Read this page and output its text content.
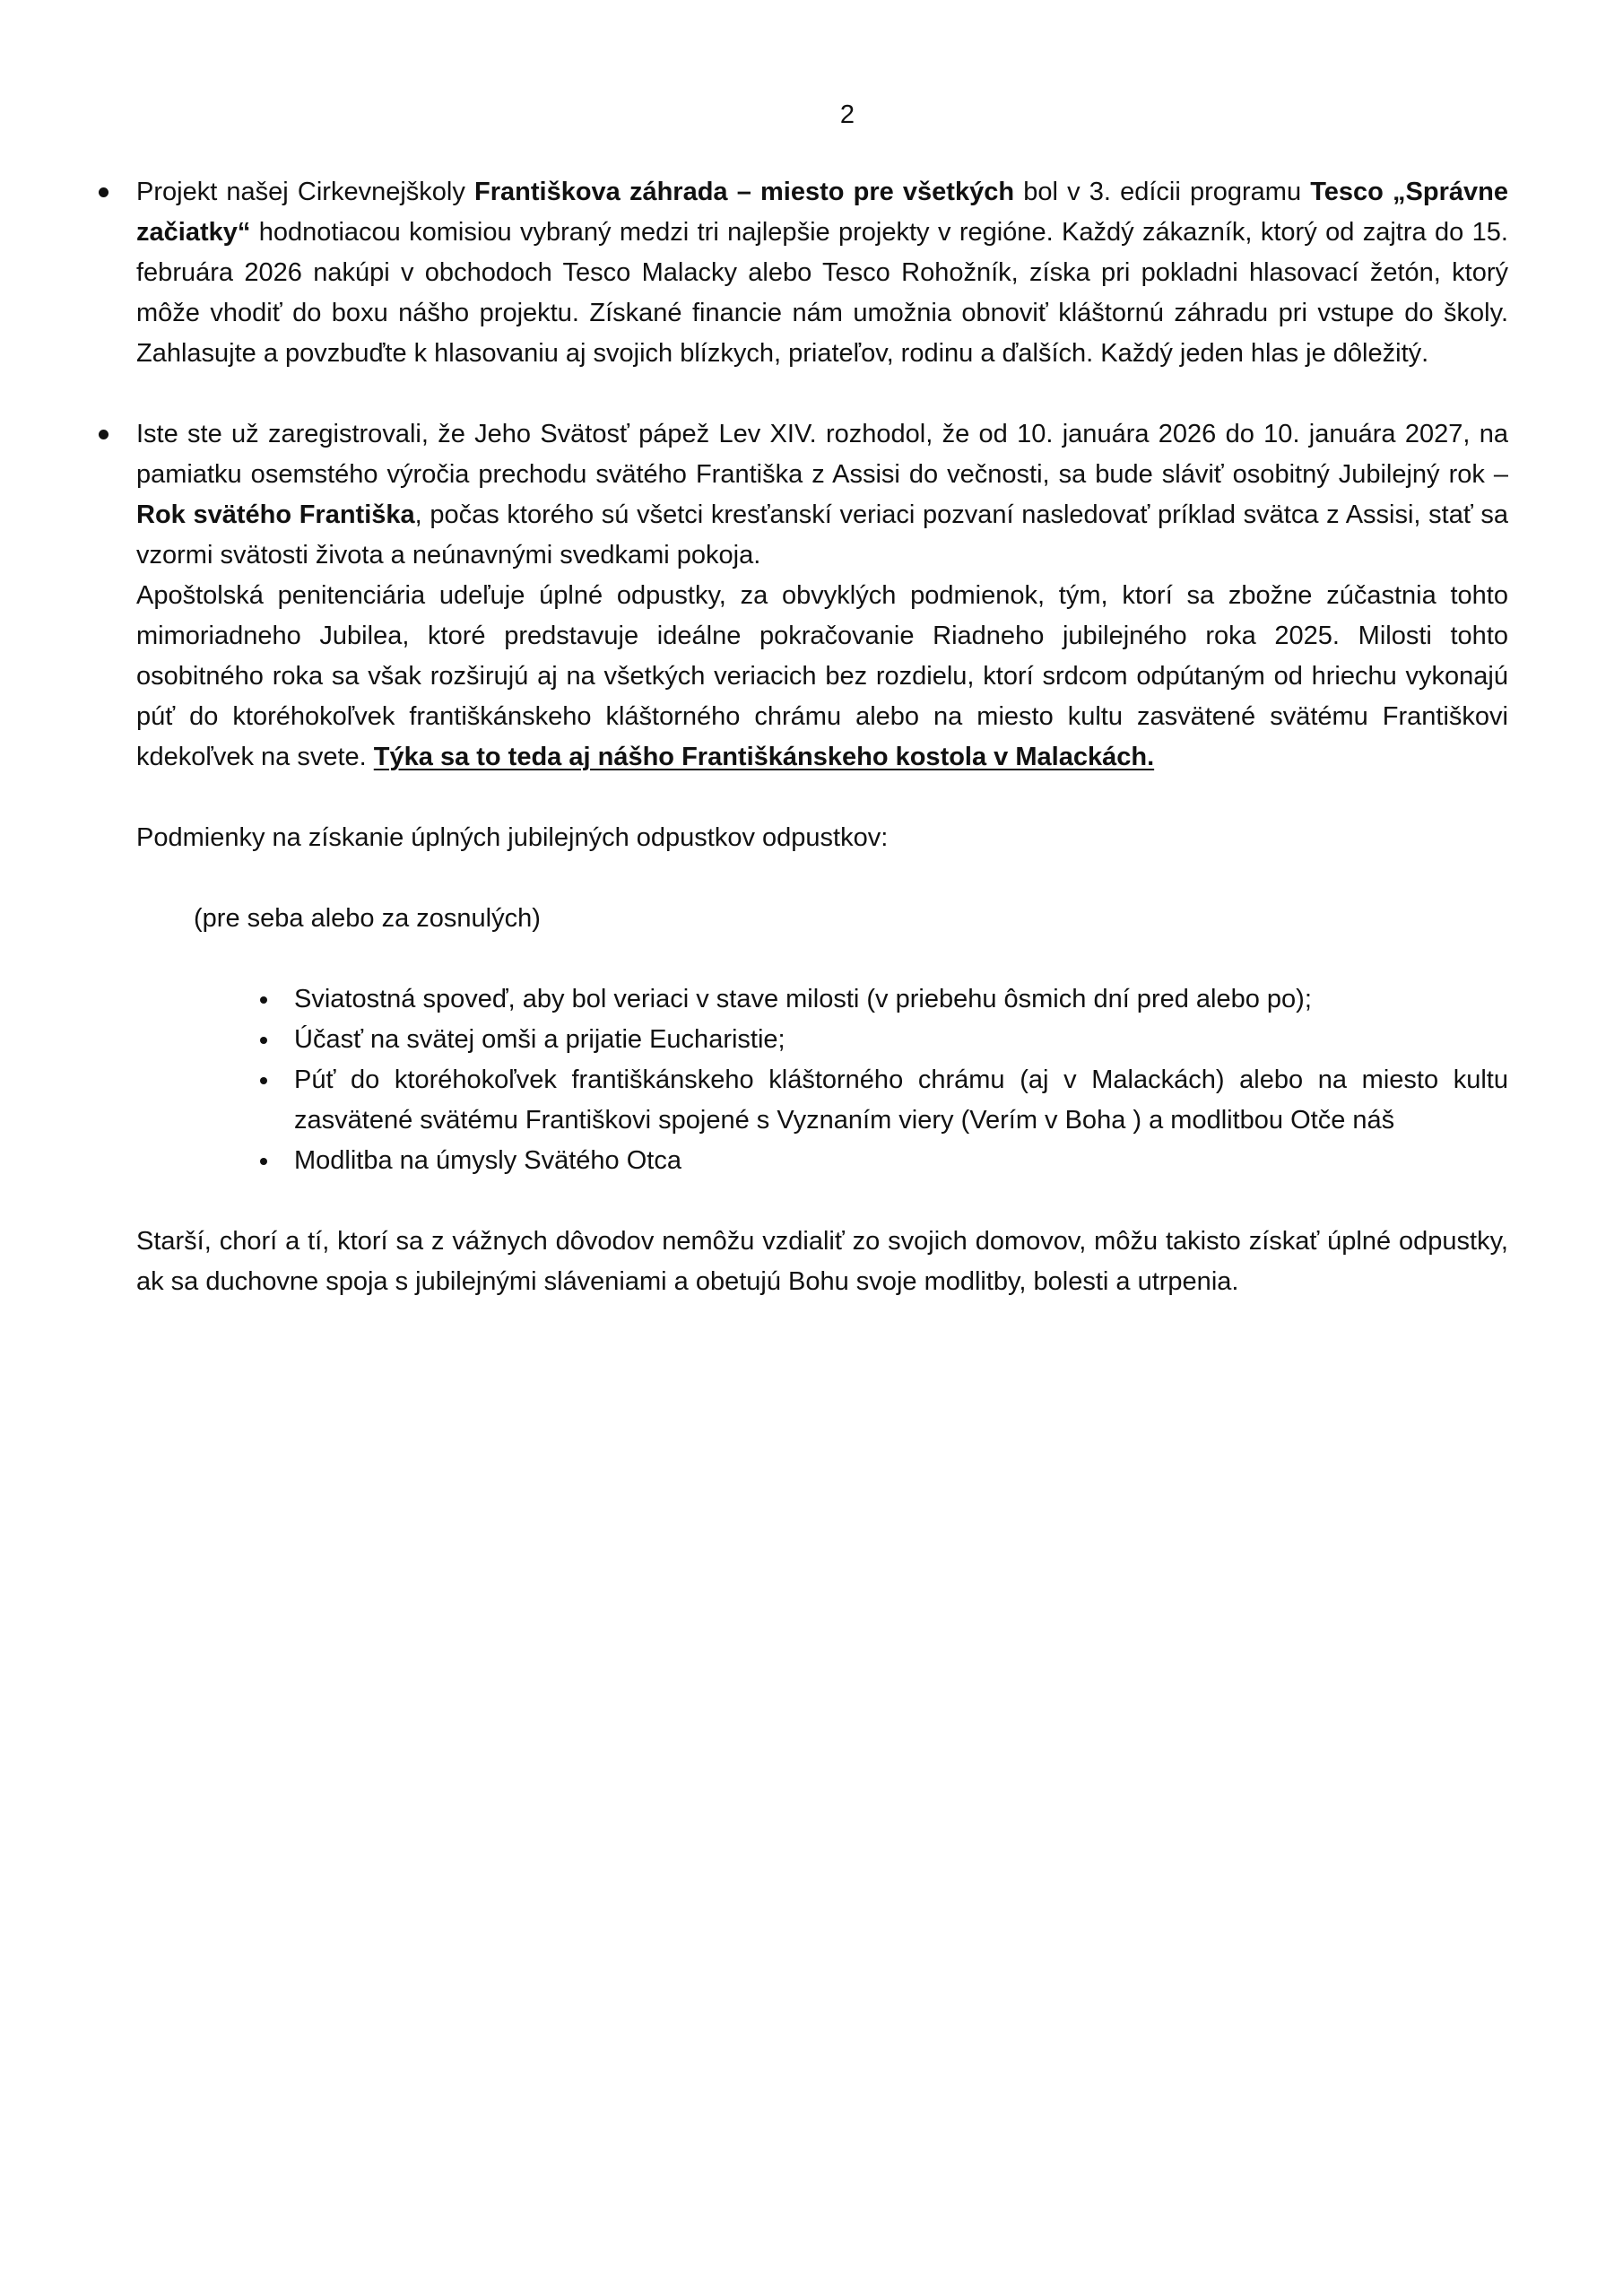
2

Projekt našej Cirkevnejškoly Františkova záhrada – miesto pre všetkých bol v 3. edícii programu Tesco „Správne začiatky“ hodnotiacou komisiou vybraný medzi tri najlepšie projekty v regióne. Každý zákazník, ktorý od zajtra do 15. februára 2026 nakúpi v obchodoch Tesco Malacky alebo Tesco Rohožník, získa pri pokladni hlasovací žetón, ktorý môže vhodiť do boxu nášho projektu. Získané financie nám umožnia obnoviť kláštornú záhradu pri vstupe do školy. Zahlasujte a povzbuďte k hlasovaniu aj svojich blízkych, priateľov, rodinu a ďalších. Každý jeden hlas je dôležitý.

Iste ste už zaregistrovali, že Jeho Svätosť pápež Lev XIV. rozhodol, že od 10. januára 2026 do 10. januára 2027, na pamiatku osemstého výročia prechodu svätého Františka z Assisi do večnosti, sa bude sláviť osobitný Jubilejný rok – Rok svätého Františka, počas ktorého sú všetci kresťanskí veriaci pozvaní nasledovať príklad svätca z Assisi, stať sa vzormi svätosti života a neúnavnými svedkami pokoja.

Apoštolská penitenciária udeľuje úplné odpustky, za obvyklých podmienok, tým, ktorí sa zbožne zúčastnia tohto mimoriadneho Jubilea, ktoré predstavuje ideálne pokračovanie Riadneho jubilejného roka 2025. Milosti tohto osobitného roka sa však rozširujú aj na všetkých veriacich bez rozdielu, ktorí srdcom odpútaným od hriechu vykonajú púť do ktoréhokoľvek františkánskeho kláštorného chrámu alebo na miesto kultu zasvätené svätému Františkovi kdekoľvek na svete. Týka sa to teda aj nášho Františkánskeho kostola v Malackách.

Podmienky na získanie úplných jubilejných odpustkov odpustkov:

(pre seba alebo za zosnulých)

Sviatostná spoveď, aby bol veriaci v stave milosti (v priebehu ôsmich dní pred alebo po);
Účasť na svätej omši a prijatie Eucharistie;
Púť do ktoréhokoľvek františkánskeho kláštorného chrámu (aj v Malackách) alebo na miesto kultu zasvätené svätému Františkovi spojené s Vyznaním viery (Verím v Boha ) a modlitbou Otče náš
Modlitba na úmysly Svätého Otca

Starší, chorí a tí, ktorí sa z vážnych dôvodov nemôžu vzdialiť zo svojich domovov, môžu takisto získať úplné odpustky, ak sa duchovne spoja s jubilejnými sláveniami a obetujú Bohu svoje modlitby, bolesti a utrpenia.
